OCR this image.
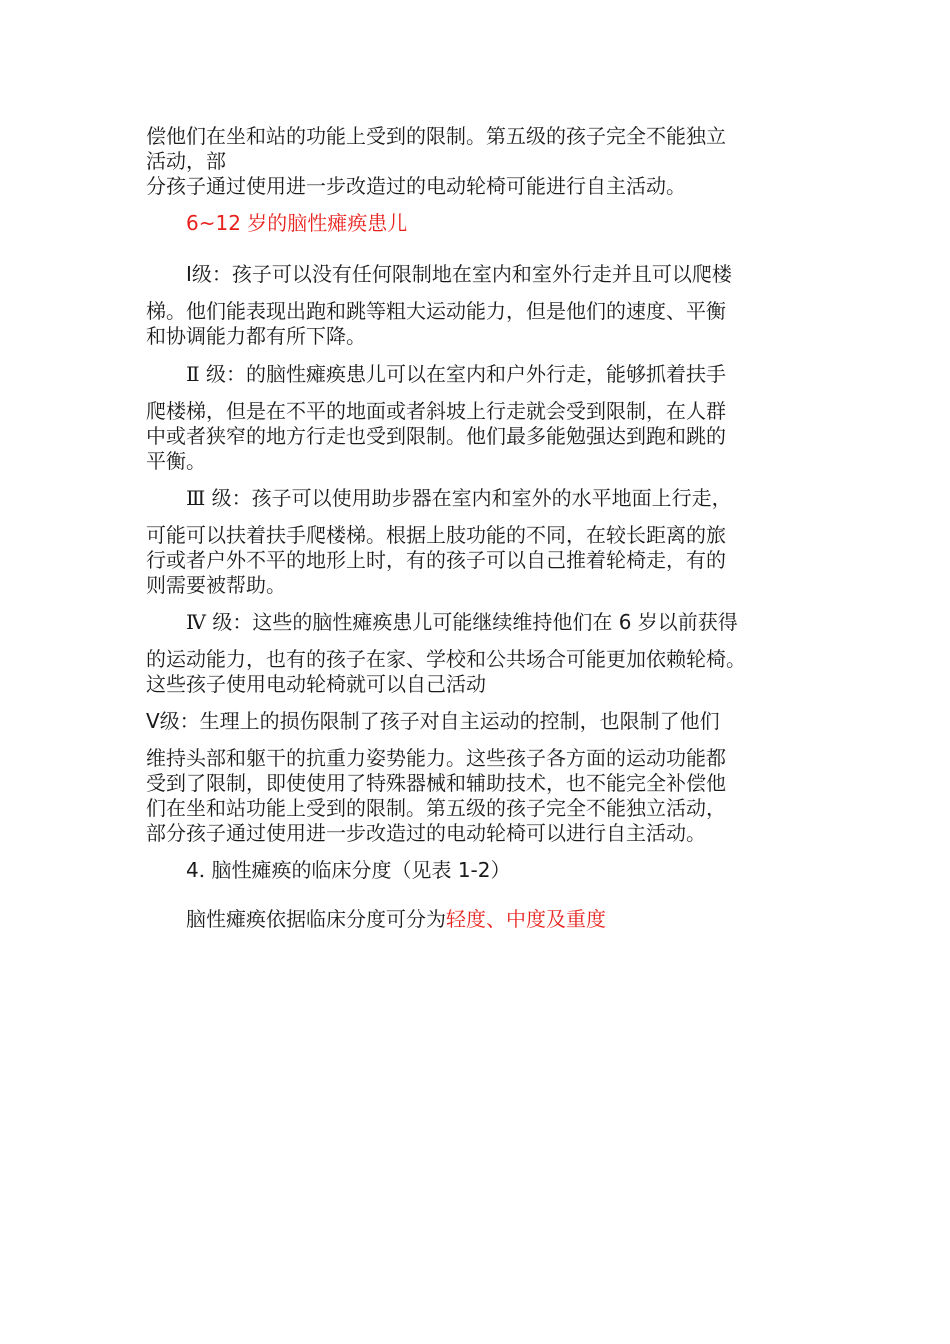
偿他们在坐和站的功能上受到的限制。第五级的孩子完全不能独立
活动，部
分孩子通过使用进一步改造过的电动轮椅可能进行自主活动。
6~12 岁的脑性瘫痪患儿
Ⅰ级：孩子可以没有任何限制地在室内和室外行走并且可以爬楼
梯。他们能表现出跑和跳等粗大运动能力，但是他们的速度、平衡
和协调能力都有所下降。
Ⅱ 级：的脑性瘫痪患儿可以在室内和户外行走，能够抓着扶手
爬楼梯，但是在不平的地面或者斜坡上行走就会受到限制，在人群
中或者狭窄的地方行走也受到限制。他们最多能勉强达到跑和跳的
平衡。
Ⅲ 级：孩子可以使用助步器在室内和室外的水平地面上行走，
可能可以扶着扶手爬楼梯。根据上肢功能的不同，在较长距离的旅
行或者户外不平的地形上时，有的孩子可以自己推着轮椅走，有的
则需要被帮助。
Ⅳ 级：这些的脑性瘫痪患儿可能继续维持他们在 6 岁以前获得
的运动能力，也有的孩子在家、学校和公共场合可能更加依赖轮椅。
这些孩子使用电动轮椅就可以自己活动
Ⅴ级：生理上的损伤限制了孩子对自主运动的控制，也限制了他们
维持头部和躯干的抗重力姿势能力。这些孩子各方面的运动功能都
受到了限制，即使使用了特殊器械和辅助技术，也不能完全补偿他
们在坐和站功能上受到的限制。第五级的孩子完全不能独立活动，
部分孩子通过使用进一步改造过的电动轮椅可以进行自主活动。
4. 脑性瘫痪的临床分度（见表 1-2）
脑性瘫痪依据临床分度可分为轻度、中度及重度
